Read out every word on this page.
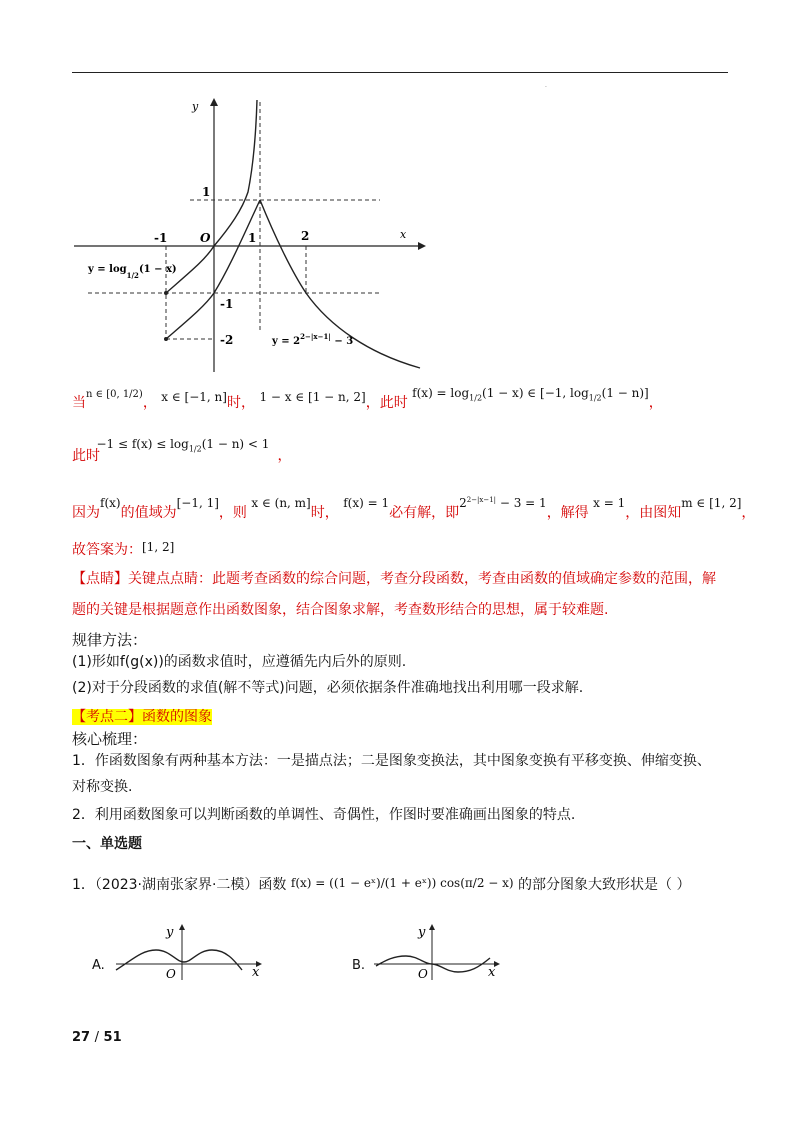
·
y
x
O
-1	1	2
1
-1
-2
$y = \log_{1/2}(1 - x)$
$y = 2^{2-|x-1|} - 3$
当$^{n \in [0, 1/2)}$， x ∈ [−1, n]时， 1 − x ∈ [1 − n, 2]，此时 $f(x) = \log_{1/2}(1 - x)$ ∈ [−1, $\log_{1/2}(1 - n)$]，
此时 $-1 \le f(x) \le \log_{1/2}(1 - n) < 1$，
因为f(x)的值域为[−1, 1]，则 x ∈ (n, m]时， f(x) = 1必有解，即$2^{2-|x-1|} - 3 = 1$，解得 x = 1，由图知m ∈ [1, 2]，
故答案为：[1, 2]
【点睛】关键点点睛：此题考查函数的综合问题，考查分段函数，考查由函数的值域确定参数的范围，解
题的关键是根据题意作出函数图象，结合图象求解，考查数形结合的思想，属于较难题.
规律方法：
(1)形如f(g(x))的函数求值时，应遵循先内后外的原则.
(2)对于分段函数的求值(解不等式)问题，必须依据条件准确地找出利用哪一段求解.
【考点二】函数的图象
核心梳理：
1．作函数图象有两种基本方法：一是描点法；二是图象变换法，其中图象变换有平移变换、伸缩变换、
对称变换.
2．利用函数图象可以判断函数的单调性、奇偶性，作图时要准确画出图象的特点.
一、单选题
1．（2023·湖南张家界·二模）函数 f(x) = ((1 − eˣ)/(1 + eˣ)) cos(π/2 − x) 的部分图象大致形状是（ ）
A.
y
x
O
B.
y
x
O
27 / 51
